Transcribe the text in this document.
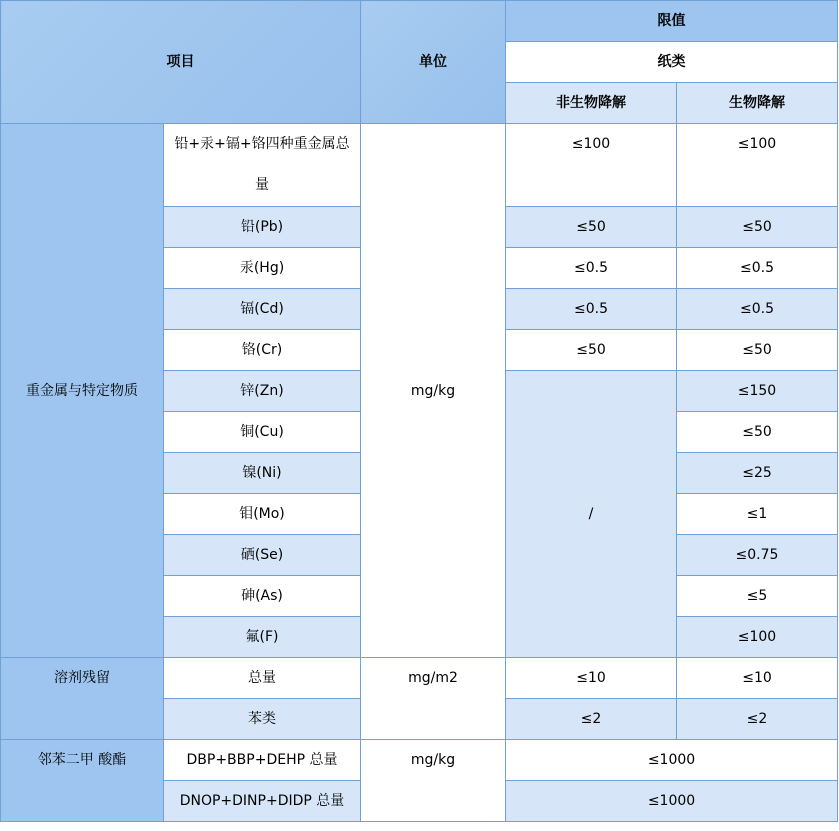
项目		单位	限值	
			纸类	
			非生物降解	生物降解
重金属与特定物质	铅+汞+镉+铬四种重金属总量	mg/kg	≤100	≤100
	铅(Pb)		≤50	≤50
	汞(Hg)		≤0.5	≤0.5
	镉(Cd)		≤0.5	≤0.5
	铬(Cr)		≤50	≤50
	锌(Zn)		/	≤150
	铜(Cu)			≤50
	镍(Ni)			≤25
	钼(Mo)			≤1
	硒(Se)			≤0.75
	砷(As)			≤5
	氟(F)			≤100

溶剂残留	总量	mg/m2	≤10	≤10
	苯类		≤2	≤2
邻苯二甲 酸酯	DBP+BBP+DEHP 总量	mg/kg	≤1000	
	DNOP+DINP+DIDP 总量		≤1000	
